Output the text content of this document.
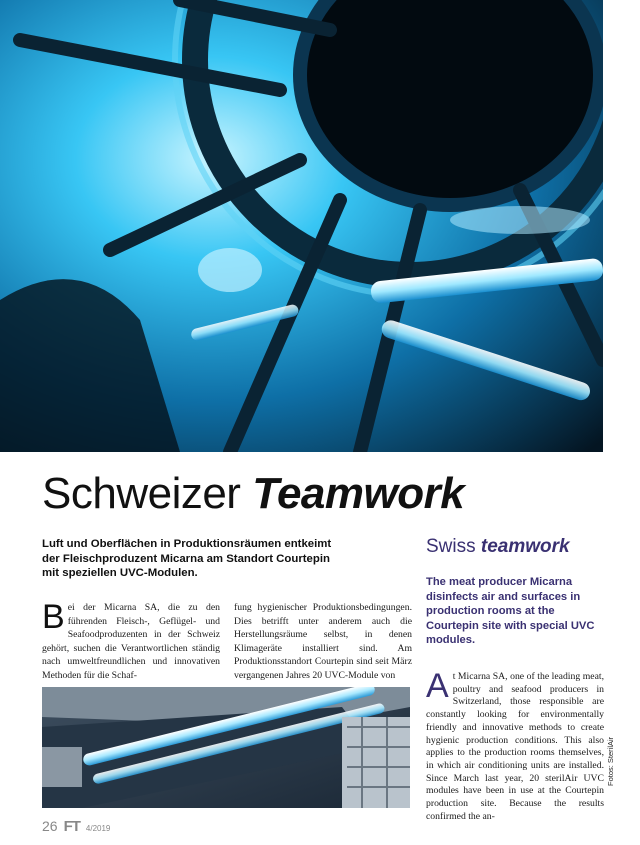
Schweizer Teamwork

Luft und Oberflächen in Produktionsräumen entkeimt der Fleischproduzent Micarna am Standort Courtepin mit speziellen UVC-Modulen.

Bei der Micarna SA, die zu den führenden Fleisch-, Geflügel- und Seafoodproduzenten in der Schweiz gehört, suchen die Verantwortlichen ständig nach umweltfreundlichen und innovativen Methoden für die Schaf-

fung hygienischer Produktionsbedingungen. Dies betrifft unter anderem auch die Herstellungsräume selbst, in denen Klimageräte installiert sind. Am Produktionsstandort Courtepin sind seit März vergangenen Jahres 20 UVC-Module von

Swiss teamwork

The meat producer Micarna disinfects air and surfaces in production rooms at the Courtepin site with special UVC modules.

At Micarna SA, one of the leading meat, poultry and seafood producers in Switzerland, those responsible are constantly looking for environmentally friendly and innovative methods to create hygienic production conditions. This also applies to the production rooms themselves, in which air conditioning units are installed. Since March last year, 20 sterilAir UVC modules have been in use at the Courtepin production site. Because the results confirmed the an-

Fotos: SterilAir
26 FT 4/2019
